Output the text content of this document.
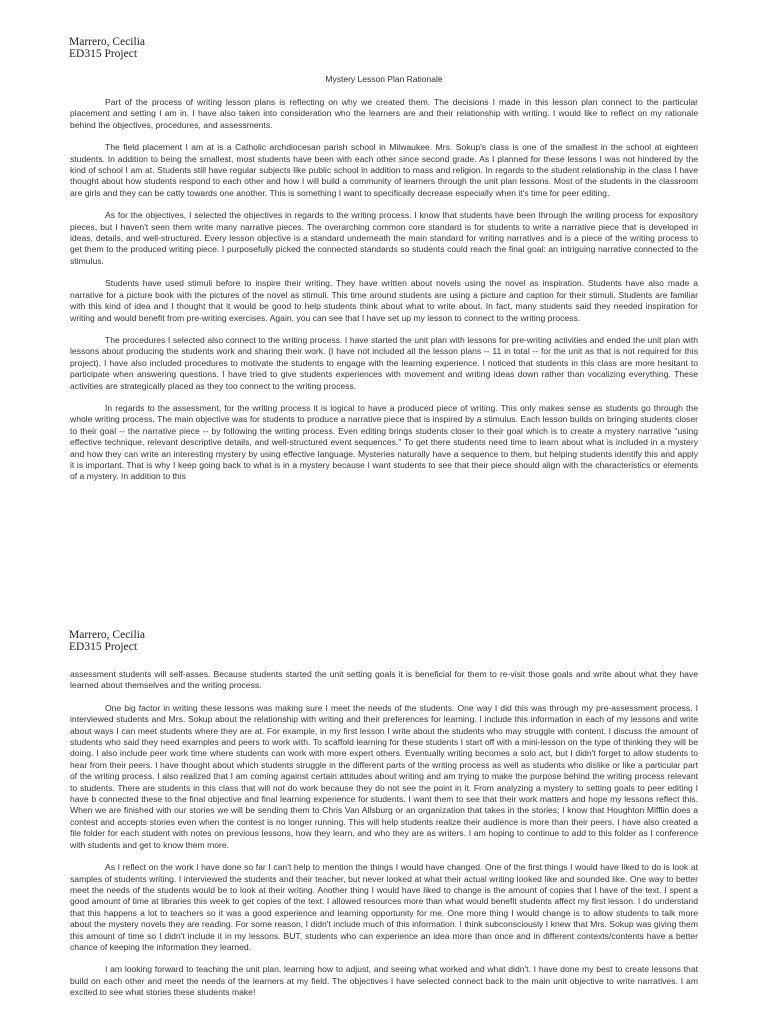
Marrero, Cecilia
ED315 Project
Mystery Lesson Plan Rationale

Part of the process of writing lesson plans is reflecting on why we created them. The decisions I made in this lesson plan connect to the particular placement and setting I am in. I have also taken into consideration who the learners are and their relationship with writing. I would like to reflect on my rationale behind the objectives, procedures, and assessments.

The field placement I am at is a Catholic archdiocesan parish school in Milwaukee. Mrs. Sokup's class is one of the smallest in the school at eighteen students. In addition to being the smallest, most students have been with each other since second grade. As I planned for these lessons I was not hindered by the kind of school I am at. Students still have regular subjects like public school in addition to mass and religion. In regards to the student relationship in the class I have thought about how students respond to each other and how I will build a community of learners through the unit plan lessons. Most of the students in the classroom are girls and they can be catty towards one another. This is something I want to specifically decrease especially when it's time for peer editing.

As for the objectives, I selected the objectives in regards to the writing process. I know that students have been through the writing process for expository pieces, but I haven't seen them write many narrative pieces. The overarching common core standard is for students to write a narrative piece that is developed in ideas, details, and well-structured. Every lesson objective is a standard underneath the main standard for writing narratives and is a piece of the writing process to get them to the produced writing piece. I purposefully picked the connected standards so students could reach the final goal: an intriguing narrative connected to the stimulus.

Students have used stimuli before to inspire their writing. They have written about novels using the novel as inspiration. Students have also made a narrative for a picture book with the pictures of the novel as stimuli. This time around students are using a picture and caption for their stimuli. Students are familiar with this kind of idea and I thought that it would be good to help students think about what to write about. In fact, many students said they needed inspiration for writing and would benefit from pre-writing exercises. Again, you can see that I have set up my lesson to connect to the writing process.

The procedures I selected also connect to the writing process. I have started the unit plan with lessons for pre-writing activities and ended the unit plan with lessons about producing the students work and sharing their work. (I have not included all the lesson plans -- 11 in total -- for the unit as that is not required for this project). I have also included procedures to motivate the students to engage with the learning experience. I noticed that students in this class are more hesitant to participate when answering questions. I have tried to give students experiences with movement and writing ideas down rather than vocalizing everything. These activities are strategically placed as they too connect to the writing process.

In regards to the assessment, for the writing process it is logical to have a produced piece of writing. This only makes sense as students go through the whole writing process. The main objective was for students to produce a narrative piece that is inspired by a stimulus. Each lesson builds on bringing students closer to their goal -- the narrative piece -- by following the writing process. Even editing brings students closer to their goal which is to create a mystery narrative "using effective technique, relevant descriptive details, and well-structured event sequences." To get there students need time to learn about what is included in a mystery and how they can write an interesting mystery by using effective language. Mysteries naturally have a sequence to them, but helping students identify this and apply it is important. That is why I keep going back to what is in a mystery because I want students to see that their piece should align with the characteristics or elements of a mystery. In addition to this

Marrero, Cecilia
ED315 Project

assessment students will self-asses. Because students started the unit setting goals it is beneficial for them to re-visit those goals and write about what they have learned about themselves and the writing process.

One big factor in writing these lessons was making sure I meet the needs of the students. One way I did this was through my pre-assessment process. I interviewed students and Mrs. Sokup about the relationship with writing and their preferences for learning. I include this information in each of my lessons and write about ways I can meet students where they are at. For example, in my first lesson I write about the students who may struggle with content. I discuss the amount of students who said they need examples and peers to work with. To scaffold learning for these students I start off with a mini-lesson on the type of thinking they will be doing. I also include peer work time where students can work with more expert others. Eventually writing becomes a solo act, but I didn't forget to allow students to hear from their peers. I have thought about which students struggle in the different parts of the writing process as well as students who dislike or like a particular part of the writing process. I also realized that I am coming against certain attitudes about writing and am trying to make the purpose behind the writing process relevant to students. There are students in this class that will not do work because they do not see the point in it. From analyzing a mystery to setting goals to peer editing I have b connected these to the final objective and final learning experience for students. I want them to see that their work matters and hope my lessons reflect this. When we are finished with our stories we will be sending them to Chris Van Allsburg or an organization that takes in the stories; I know that Houghton Mifflin does a contest and accepts stories even when the contest is no longer running. This will help students realize their audience is more than their peers. I have also created a file folder for each student with notes on previous lessons, how they learn, and who they are as writers. I am hoping to continue to add to this folder as I conference with students and get to know them more.

As I reflect on the work I have done so far I can't help to mention the things I would have changed. One of the first things I would have liked to do is look at samples of students writing. I interviewed the students and their teacher, but never looked at what their actual writing looked like and sounded like. One way to better meet the needs of the students would be to look at their writing. Another thing I would have liked to change is the amount of copies that I have of the text. I spent a good amount of time at libraries this week to get copies of the text. I allowed resources more than what would benefit students affect my first lesson. I do understand that this happens a lot to teachers so it was a good experience and learning opportunity for me. One more thing I would change is to allow students to talk more about the mystery novels they are reading. For some reason, I didn't include much of this information. I think subconsciously I knew that Mrs. Sokup was giving them this amount of time so I didn't include it in my lessons. BUT, students who can experience an idea more than once and in different contexts/contents have a better chance of keeping the information they learned.

I am looking forward to teaching the unit plan, learning how to adjust, and seeing what worked and what didn't. I have done my best to create lessons that build on each other and meet the needs of the learners at my field. The objectives I have selected connect back to the main unit objective to write narratives. I am excited to see what stories these students make!
